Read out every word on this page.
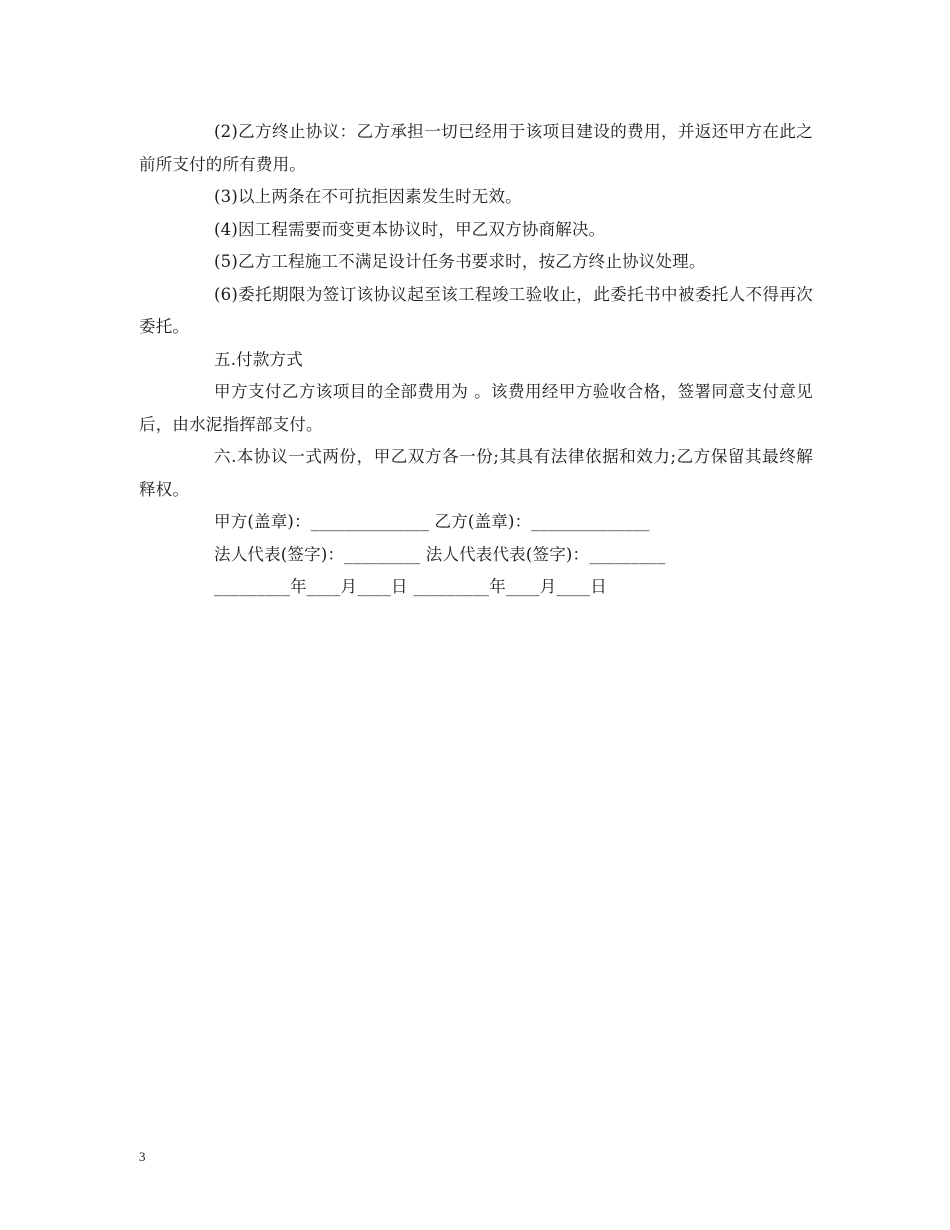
(2)乙方终止协议：乙方承担一切已经用于该项目建设的费用，并返还甲方在此之前所支付的所有费用。

(3)以上两条在不可抗拒因素发生时无效。

(4)因工程需要而变更本协议时，甲乙双方协商解决。

(5)乙方工程施工不满足设计任务书要求时，按乙方终止协议处理。

(6)委托期限为签订该协议起至该工程竣工验收止，此委托书中被委托人不得再次委托。

五.付款方式

甲方支付乙方该项目的全部费用为 。该费用经甲方验收合格，签署同意支付意见后，由水泥指挥部支付。

六.本协议一式两份，甲乙双方各一份;其具有法律依据和效力;乙方保留其最终解释权。

甲方(盖章)：______________ 乙方(盖章)：______________

法人代表(签字)：_________ 法人代表代表(签字)：_________

_________年____月____日 _________年____月____日

3
